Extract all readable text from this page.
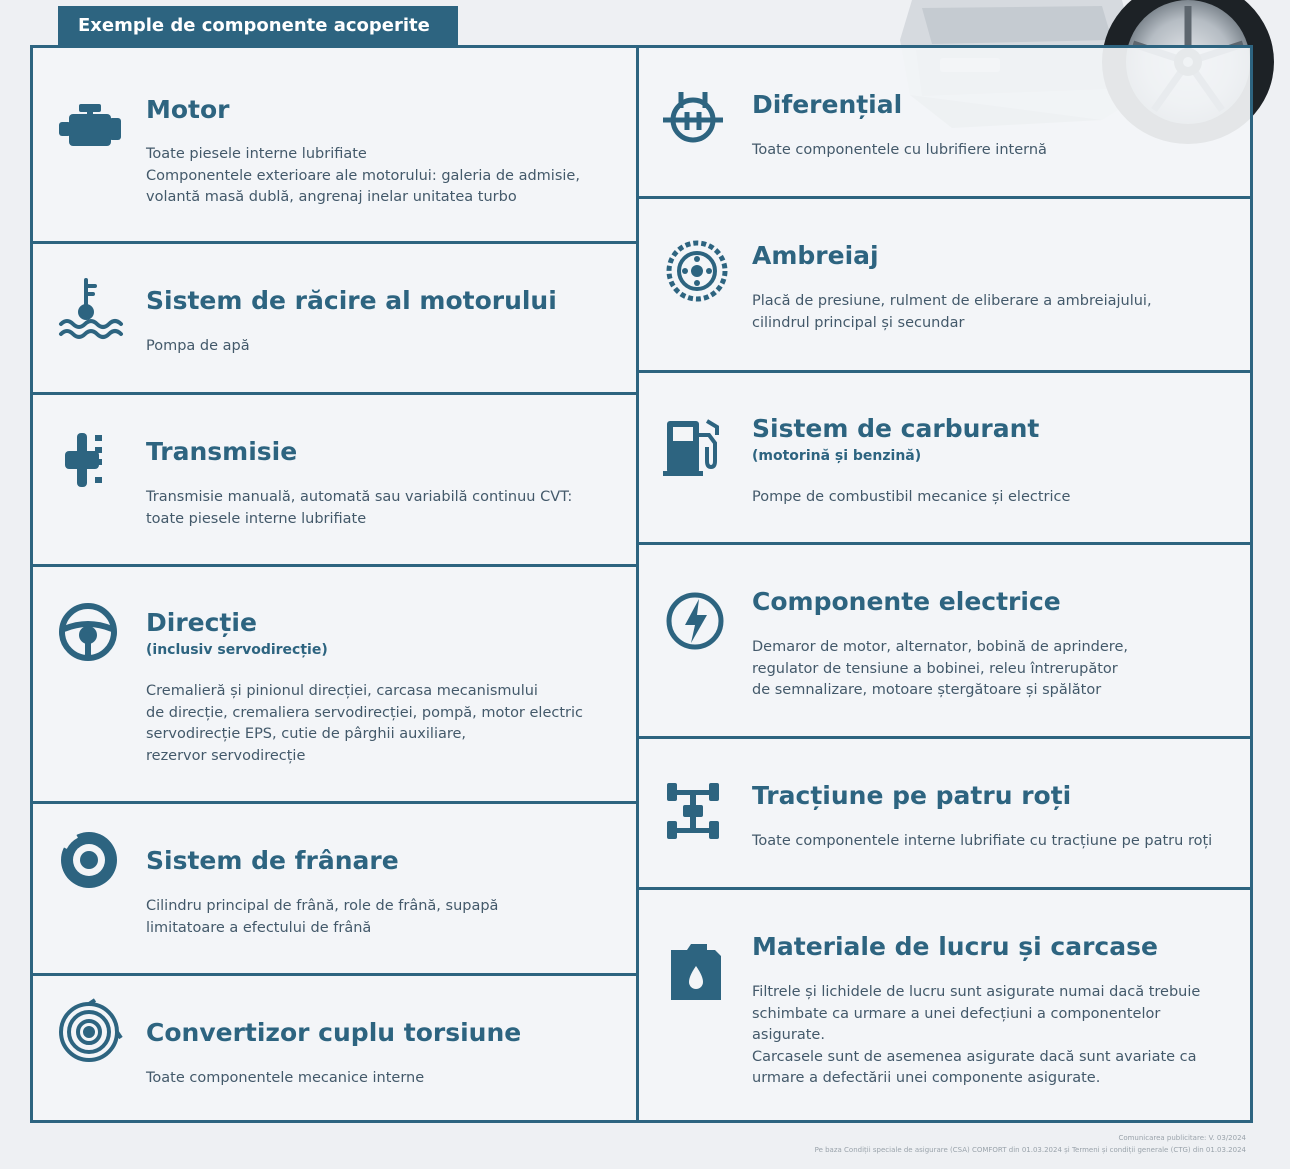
Exemple de componente acoperite
Motor
Toate piesele interne lubrifiate
Componentele exterioare ale motorului: galeria de admisie,
volantă masă dublă, angrenaj inelar unitatea turbo
Sistem de răcire al motorului
Pompa de apă
Transmisie
Transmisie manuală, automată sau variabilă continuu CVT:
toate piesele interne lubrifiate
Direcție
(inclusiv servodirecție)
Cremalieră și pinionul direcției, carcasa mecanismului
de direcție, cremaliera servodirecției, pompă, motor electric
servodirecție EPS, cutie de pârghii auxiliare,
rezervor servodirecție
Sistem de frânare
Cilindru principal de frână, role de frână, supapă
limitatoare a efectului de frână
Convertizor cuplu torsiune
Toate componentele mecanice interne
Diferențial
Toate componentele cu lubrifiere internă
Ambreiaj
Placă de presiune, rulment de eliberare a ambreiajului,
cilindrul principal și secundar
Sistem de carburant
(motorină și benzină)
Pompe de combustibil mecanice și electrice
Componente electrice
Demaror de motor, alternator, bobină de aprindere,
regulator de tensiune a bobinei, releu întrerupător
de semnalizare, motoare ștergătoare și spălător
Tracțiune pe patru roți
Toate componentele interne lubrifiate cu tracțiune pe patru roți
Materiale de lucru și carcase
Filtrele și lichidele de lucru sunt asigurate numai dacă trebuie
schimbate ca urmare a unei defecțiuni a componentelor
asigurate.
Carcasele sunt de asemenea asigurate dacă sunt avariate ca
urmare a defectării unei componente asigurate.
Comunicarea publicitare: V. 03/2024
Pe baza Condiții speciale de asigurare (CSA) COMFORT din 01.03.2024 și Termeni și condiții generale (CTG) din 01.03.2024
